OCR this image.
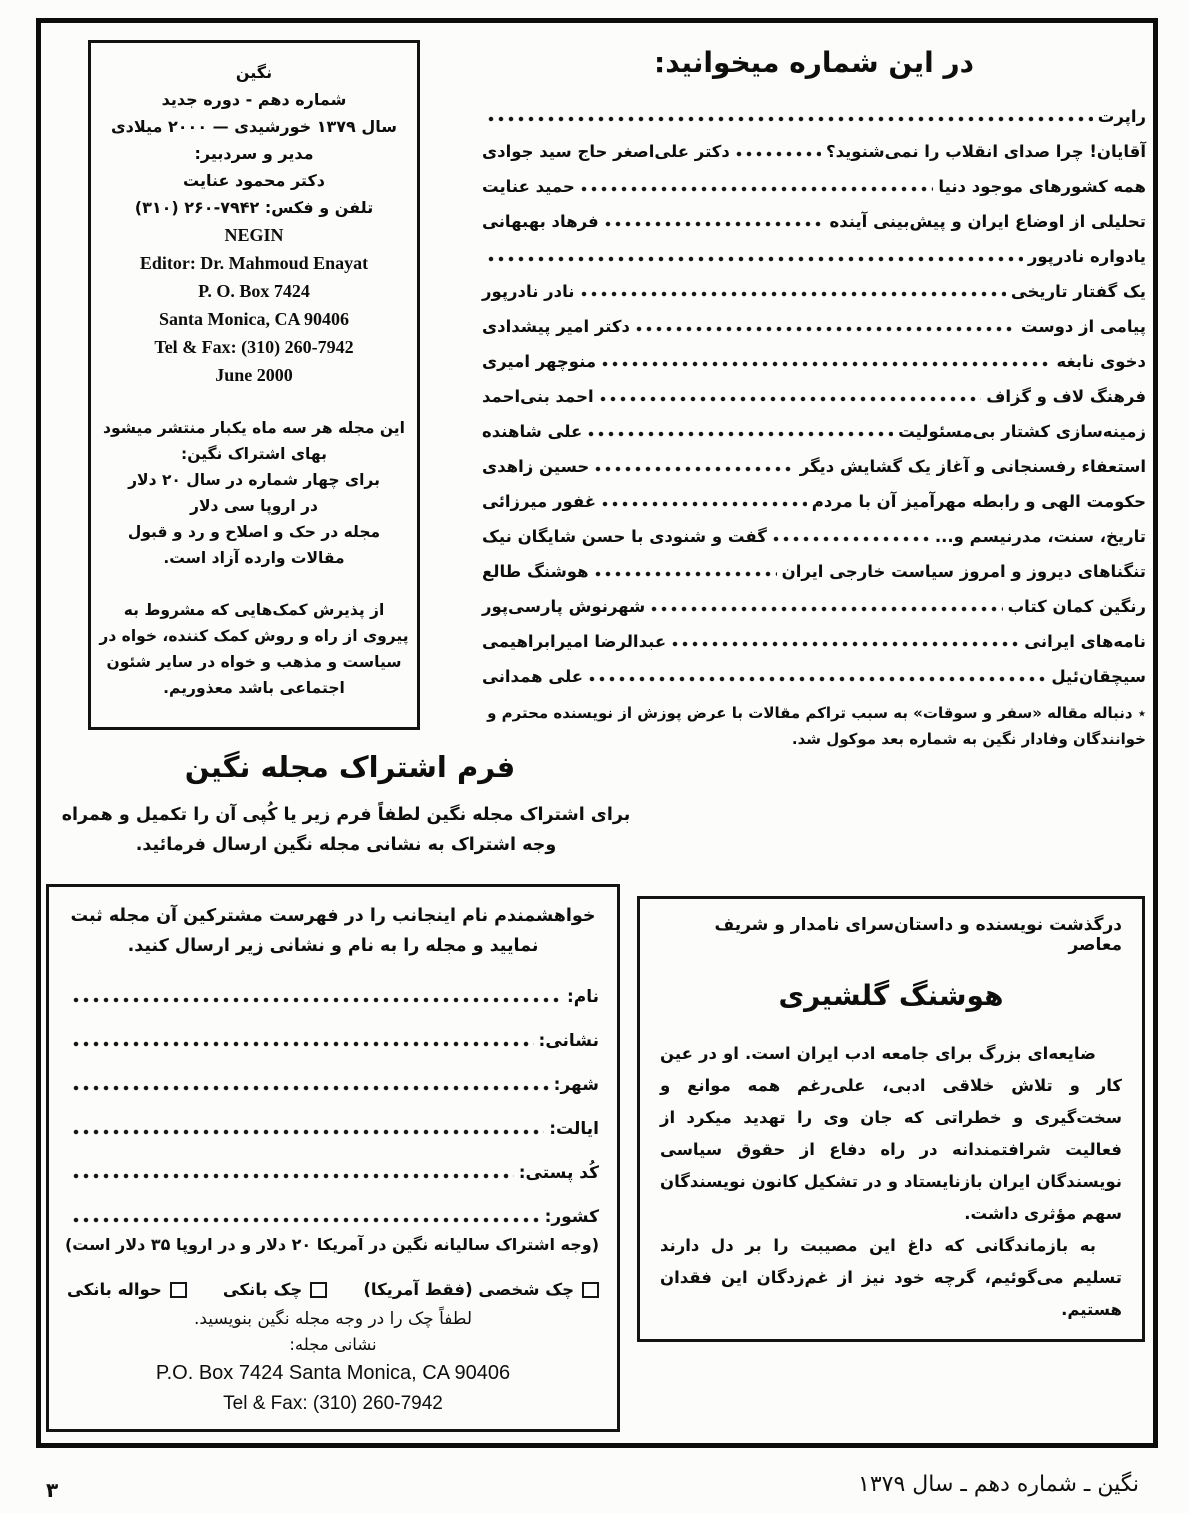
نگین
شماره دهم - دوره جدید
سال ۱۳۷۹ خورشیدی — ۲۰۰۰ میلادی
مدیر و سردبیر:
دکتر محمود عنایت
تلفن و فکس: (۳۱۰) ۲۶۰-۷۹۴۲
NEGIN
Editor: Dr. Mahmoud Enayat
P. O. Box 7424
Santa Monica, CA 90406
Tel & Fax: (310) 260-7942
June 2000
این مجله هر سه ماه یکبار منتشر میشود
بهای اشتراک نگین:
برای چهار شماره در سال ۲۰ دلار
در اروپا سی دلار
مجله در حک و اصلاح و رد و قبول مقالات وارده آزاد است.
از پذیرش کمک‌هایی که مشروط به پیروی از راه و روش کمک کننده، خواه در سیاست و مذهب و خواه در سایر شئون اجتماعی باشد معذوریم.
در این شماره میخوانید:
راپرت
آقایان! چرا صدای انقلاب را نمی‌شنوید؟
دکتر علی‌اصغر حاج سید جوادی
همه کشورهای موجود دنیا
حمید عنایت
تحلیلی از اوضاع ایران و پیش‌بینی آینده
فرهاد بهبهانی
یادواره نادرپور
یک گفتار تاریخی
نادر نادرپور
پیامی از دوست
دکتر امیر پیشدادی
دخوی نابغه
منوچهر امیری
فرهنگ لاف و گزاف
احمد بنی‌احمد
زمینه‌سازی کشتار بی‌مسئولیت
علی شاهنده
استعفاء رفسنجانی و آغاز یک گشایش دیگر
حسین زاهدی
حکومت الهی و رابطه مهرآمیز آن با مردم
غفور میرزائی
تاریخ، سنت، مدرنیسم و...
گفت و شنودی با حسن شایگان نیک
تنگناهای دیروز و امروز سیاست خارجی ایران
هوشنگ طالع
رنگین کمان کتاب
شهرنوش پارسی‌پور
نامه‌های ایرانی
عبدالرضا امیرابراهیمی
سیچقان‌ئیل
علی همدانی
٭ دنباله مقاله «سفر و سوقات» به سبب تراکم مقالات با عرض پوزش از نویسنده محترم و خوانندگان وفادار نگین به شماره بعد موکول شد.
فرم اشتراک مجله نگین
برای اشتراک مجله نگین لطفاً فرم زیر یا کُپی آن را تکمیل و همراه وجه اشتراک به نشانی مجله نگین ارسال فرمائید.
خواهشمندم نام اینجانب را در فهرست مشترکین آن مجله ثبت نمایید و مجله را به نام و نشانی زیر ارسال کنید.
نام:
نشانی:
شهر:
ایالت:
کُد پستی:
کشور:
(وجه اشتراک سالیانه نگین در آمریکا ۲۰ دلار و در اروپا ۳۵ دلار است)
چک شخصی (فقط آمریکا)
چک بانکی
حواله بانکی
لطفاً چک را در وجه مجله نگین بنویسید.
نشانی مجله:
P.O. Box 7424 Santa Monica, CA 90406
Tel & Fax: (310) 260-7942
درگذشت نویسنده و داستان‌سرای نامدار و شریف معاصر
هوشنگ گلشیری

ضایعه‌ای بزرگ برای جامعه ادب ایران است. او در عین کار و تلاش خلاقی ادبی، علی‌رغم همه موانع و سخت‌گیری و خطراتی که جان وی را تهدید میکرد از فعالیت شرافتمندانه در راه دفاع از حقوق سیاسی نویسندگان ایران بازنایستاد و در تشکیل کانون نویسندگان سهم مؤثری داشت.

به بازماندگانی که داغ این مصیبت را بر دل دارند تسلیم می‌گوئیم، گرچه خود نیز از غم‌زدگان این فقدان هستیم.

۳	نگین ـ شماره دهم ـ سال ۱۳۷۹
